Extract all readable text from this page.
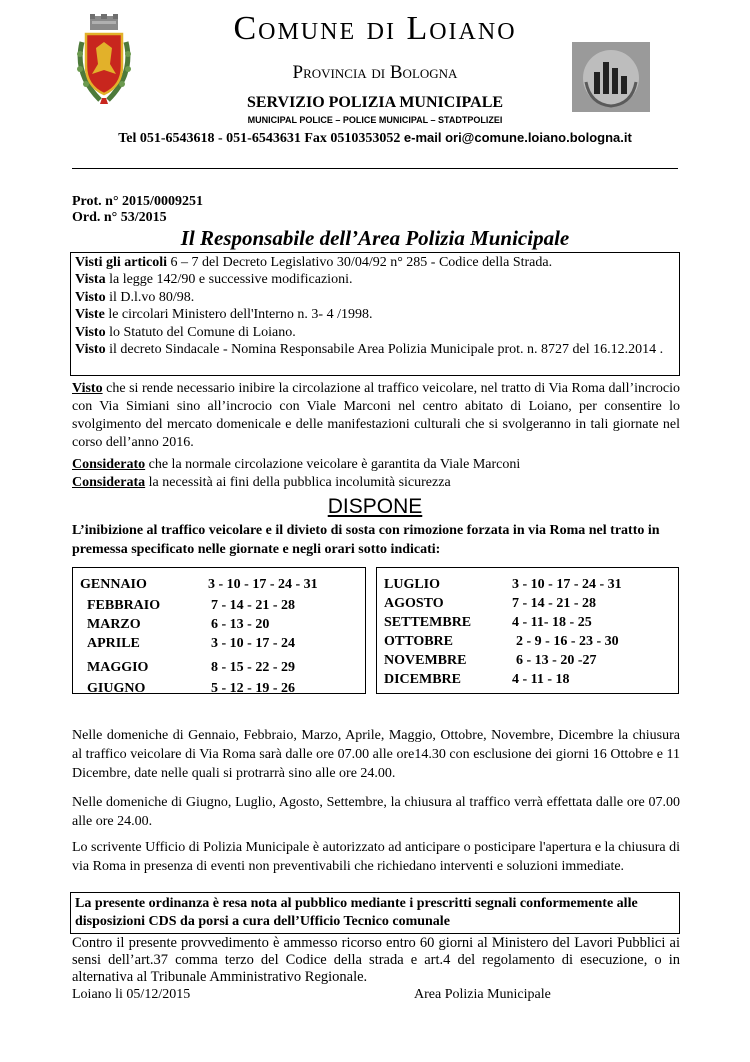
Comune di Loiano
Provincia di Bologna
SERVIZIO POLIZIA MUNICIPALE
MUNICIPAL POLICE – POLICE MUNICIPAL – STADTPOLIZEI
Tel 051-6543618 - 051-6543631 Fax 0510353052 e-mail ori@comune.loiano.bologna.it
Prot. n° 2015/0009251
Ord. n° 53/2015
Il Responsabile dell’Area Polizia Municipale
Visti gli articoli 6 – 7 del Decreto Legislativo 30/04/92 n° 285 - Codice della Strada.
Vista la legge 142/90 e successive modificazioni.
Visto il D.l.vo 80/98.
Viste le circolari Ministero dell'Interno n. 3- 4 /1998.
Visto lo Statuto del Comune di Loiano.
Visto il decreto Sindacale - Nomina Responsabile Area Polizia Municipale prot. n. 8727 del 16.12.2014 .
Visto che si rende necessario inibire la circolazione al traffico veicolare, nel tratto di Via Roma dall’incrocio con Via Simiani sino all’incrocio con Viale Marconi nel centro abitato di Loiano, per consentire lo svolgimento del mercato domenicale e delle manifestazioni culturali che si svolgeranno in tali giornate nel corso dell’anno 2016.
Considerato che la normale circolazione veicolare è garantita da Viale Marconi
Considerata la necessità ai fini della pubblica incolumità sicurezza
DISPONE
L’inibizione al traffico veicolare e il divieto di sosta con rimozione forzata in via Roma nel tratto in premessa specificato nelle giornate e negli orari sotto indicati:
GENNAIO	3 - 10 - 17 - 24 - 31
FEBBRAIO	7 - 14 - 21 - 28
MARZO	6 - 13 - 20
APRILE	3 - 10 - 17 - 24
MAGGIO	8 - 15 - 22 - 29
GIUGNO	5 - 12 - 19 - 26
LUGLIO	3 - 10 - 17 - 24 - 31
AGOSTO	7 - 14 - 21 - 28
SETTEMBRE	4 - 11- 18 - 25
OTTOBRE	2 - 9 - 16 - 23 - 30
NOVEMBRE	6 - 13 - 20 -27
DICEMBRE	4 - 11 - 18
Nelle domeniche di Gennaio, Febbraio, Marzo, Aprile, Maggio, Ottobre, Novembre, Dicembre la chiusura al traffico veicolare di Via Roma sarà dalle ore 07.00 alle ore14.30 con esclusione dei giorni 16 Ottobre e 11 Dicembre, date nelle quali si protrarrà sino alle ore 24.00.
Nelle domeniche di Giugno, Luglio, Agosto, Settembre, la chiusura al traffico verrà effettata dalle ore 07.00 alle ore 24.00.
Lo scrivente Ufficio di Polizia Municipale è autorizzato ad anticipare o posticipare l'apertura e la chiusura di via Roma in presenza di eventi non preventivabili che richiedano interventi e soluzioni immediate.
La presente ordinanza è resa nota al pubblico mediante i prescritti segnali conformemente alle disposizioni CDS da porsi a cura dell’Ufficio Tecnico comunale
Contro il presente provvedimento è ammesso ricorso entro 60 giorni al Ministero del Lavori Pubblici ai sensi dell’art.37 comma terzo del Codice della strada e art.4 del regolamento di esecuzione, o in alternativa al Tribunale Amministrativo Regionale.
Loiano li 05/12/2015	Area Polizia Municipale
